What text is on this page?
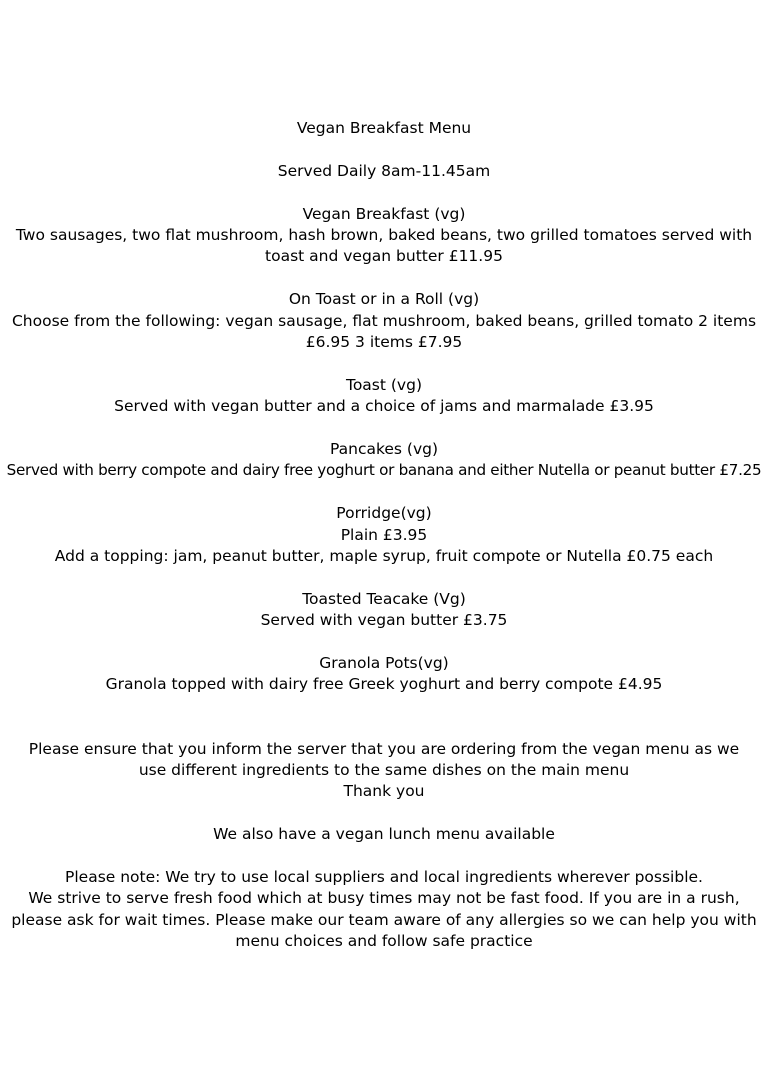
Vegan Breakfast Menu
Served Daily 8am-11.45am
Vegan Breakfast (vg)
Two sausages, two flat mushroom, hash brown, baked beans, two grilled tomatoes served with toast and vegan butter £11.95
On Toast or in a Roll (vg)
Choose from the following: vegan sausage, flat mushroom, baked beans, grilled tomato 2 items £6.95 3 items £7.95
Toast (vg)
Served with vegan butter and a choice of jams and marmalade £3.95
Pancakes (vg)
Served with berry compote and dairy free yoghurt or banana and either Nutella or peanut butter £7.25
Porridge(vg)
Plain £3.95
Add a topping: jam, peanut butter, maple syrup, fruit compote or Nutella £0.75 each
Toasted Teacake (Vg)
Served with vegan butter £3.75
Granola Pots(vg)
Granola topped with dairy free Greek yoghurt and berry compote £4.95
Please ensure that you inform the server that you are ordering from the vegan menu as we use different ingredients to the same dishes on the main menu
Thank you
We also have a vegan lunch menu available
Please note: We try to use local suppliers and local ingredients wherever possible.
We strive to serve fresh food which at busy times may not be fast food. If you are in a rush, please ask for wait times. Please make our team aware of any allergies so we can help you with menu choices and follow safe practice
